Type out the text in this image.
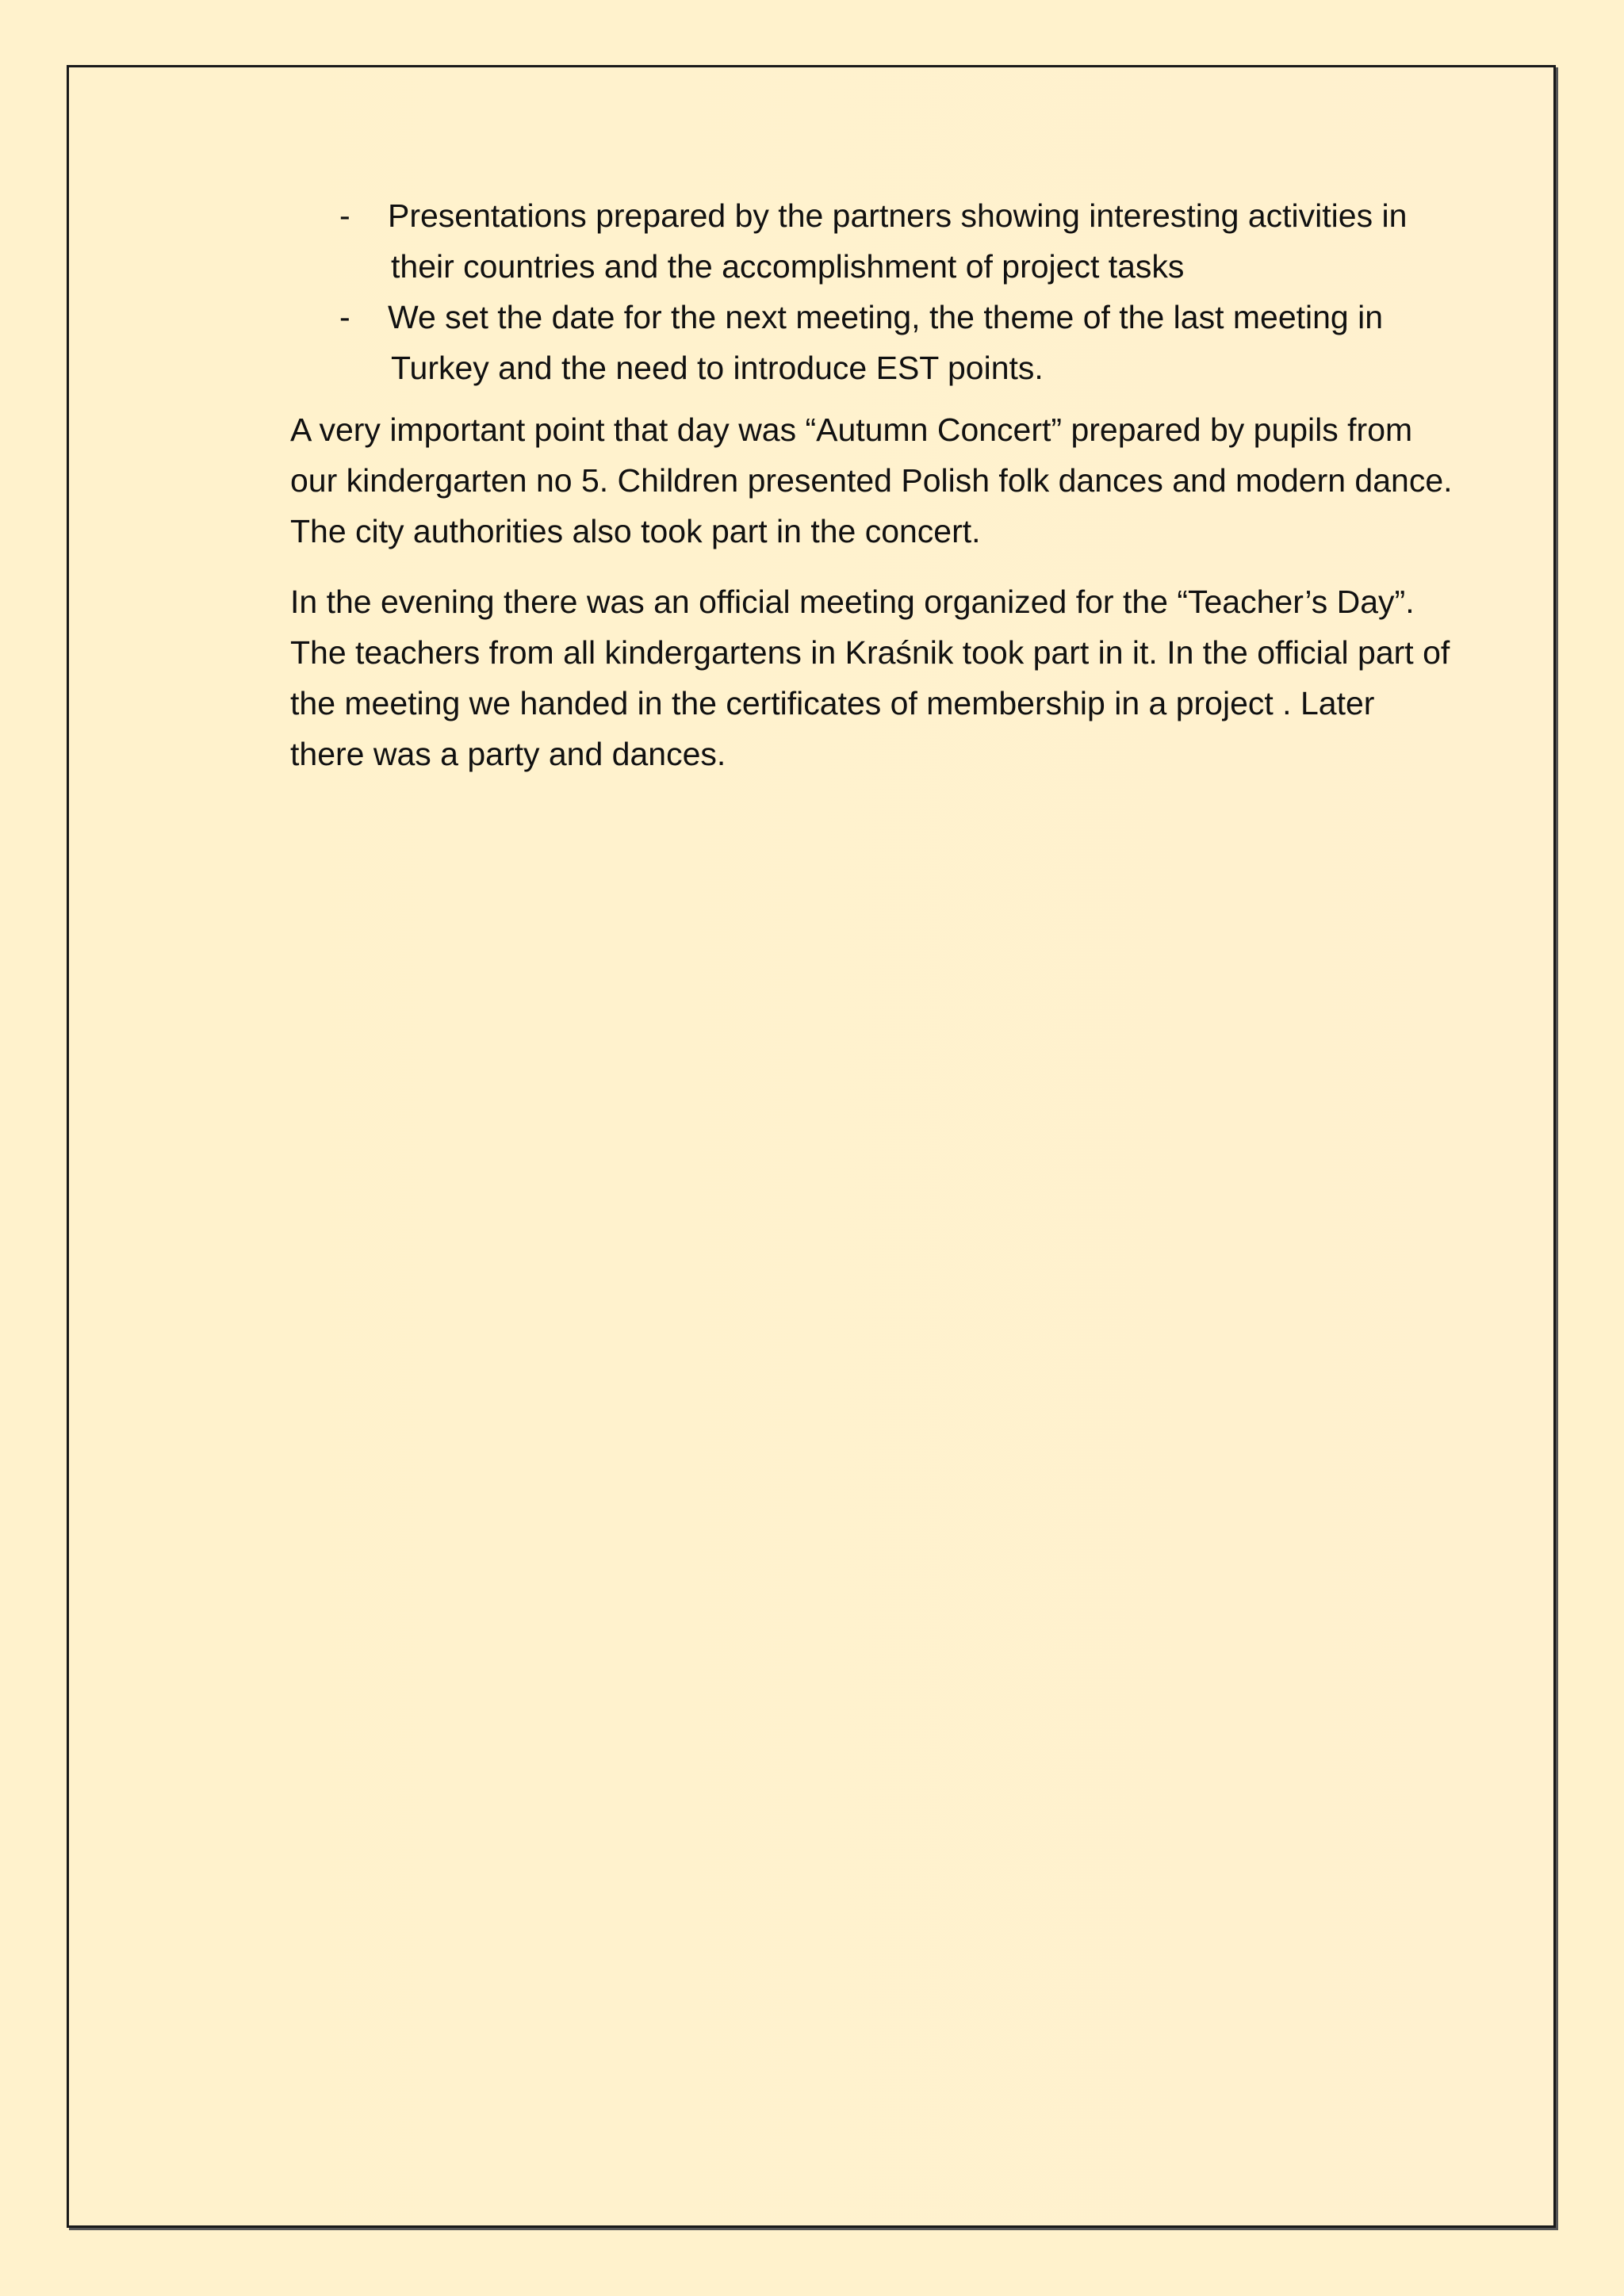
- Presentations prepared by the partners showing interesting activities in their countries and the accomplishment of project tasks
- We set the date for the next meeting, the theme of the last meeting in Turkey and the need to introduce EST points.

A very important point that day was “Autumn Concert” prepared by pupils from our kindergarten no 5. Children presented Polish folk dances and modern dance. The city authorities also took part in the concert.

In the evening there was an official meeting organized for the “Teacher’s Day”. The teachers from all kindergartens in Kraśnik took part in it. In the official part of the meeting we handed in the certificates of membership in a project . Later there was a party and dances.
